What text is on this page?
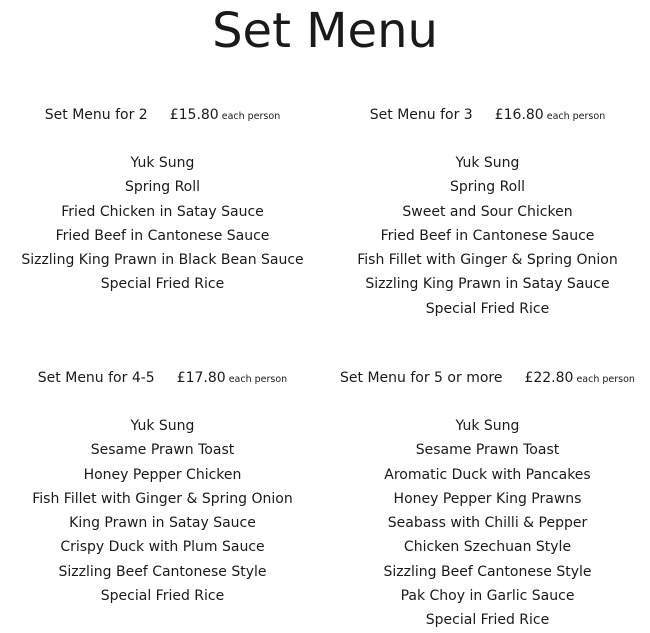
Set Menu
Set Menu for 2 £15.80 each person
Yuk Sung
Spring Roll
Fried Chicken in Satay Sauce
Fried Beef in Cantonese Sauce
Sizzling King Prawn in Black Bean Sauce
Special Fried Rice
Set Menu for 3 £16.80 each person
Yuk Sung
Spring Roll
Sweet and Sour Chicken
Fried Beef in Cantonese Sauce
Fish Fillet with Ginger & Spring Onion
Sizzling King Prawn in Satay Sauce
Special Fried Rice
Set Menu for 4-5 £17.80 each person
Yuk Sung
Sesame Prawn Toast
Honey Pepper Chicken
Fish Fillet with Ginger & Spring Onion
King Prawn in Satay Sauce
Crispy Duck with Plum Sauce
Sizzling Beef Cantonese Style
Special Fried Rice
Set Menu for 5 or more £22.80 each person
Yuk Sung
Sesame Prawn Toast
Aromatic Duck with Pancakes
Honey Pepper King Prawns
Seabass with Chilli & Pepper
Chicken Szechuan Style
Sizzling Beef Cantonese Style
Pak Choy in Garlic Sauce
Special Fried Rice
